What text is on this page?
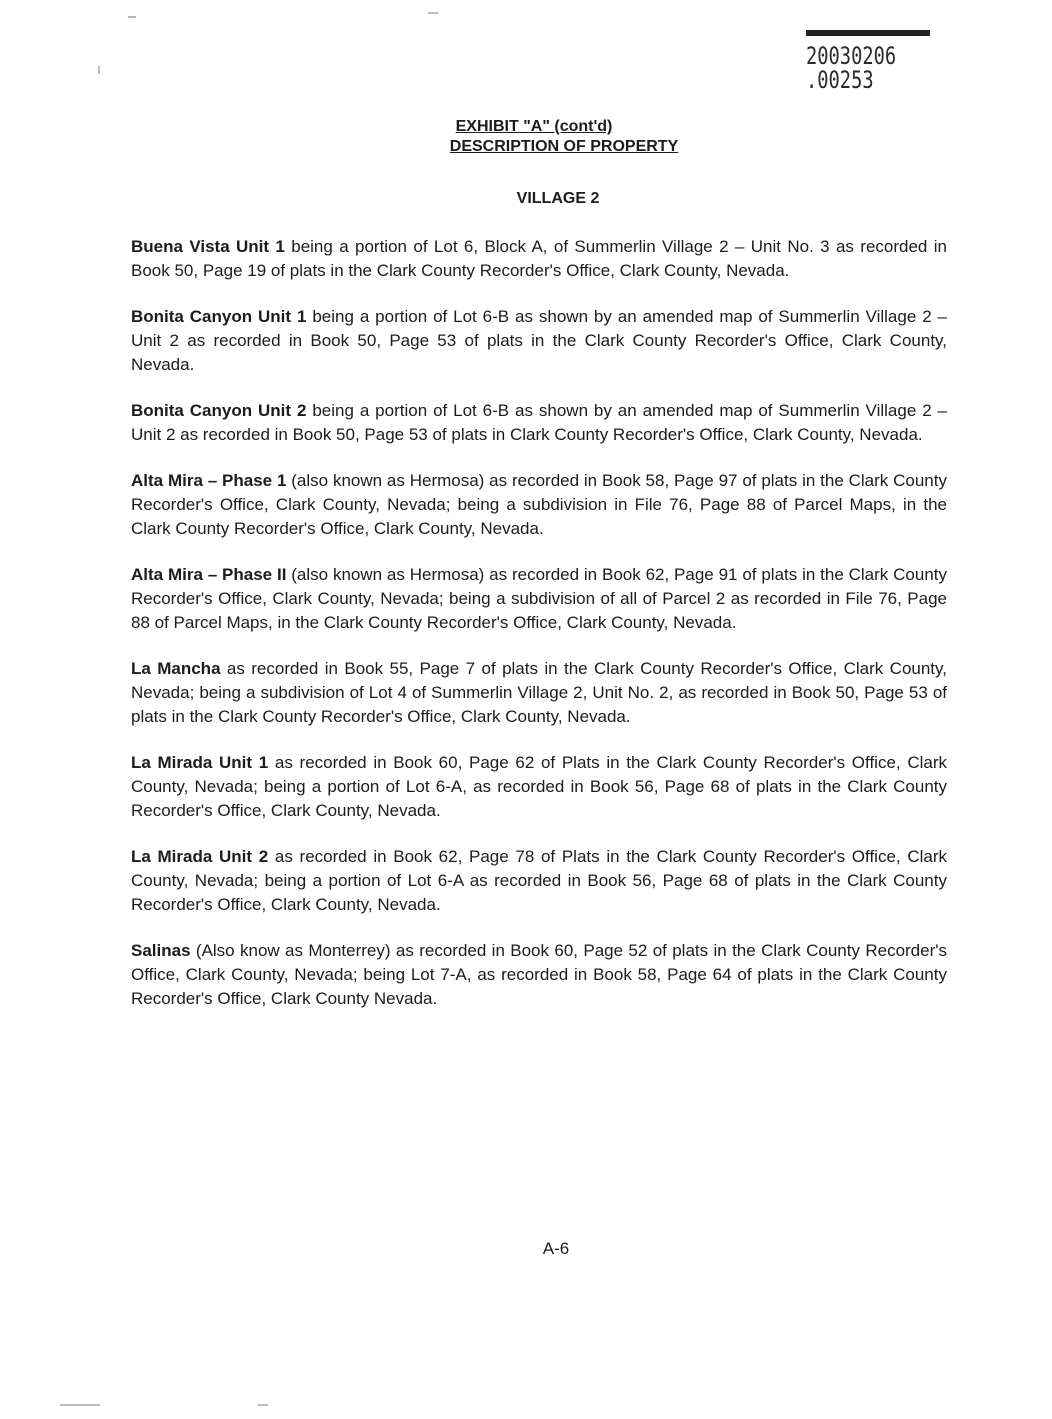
20030206
.00253
EXHIBIT "A" (cont'd)
DESCRIPTION OF PROPERTY
VILLAGE 2

Buena Vista Unit 1 being a portion of Lot 6, Block A, of Summerlin Village 2 – Unit No. 3 as recorded in Book 50, Page 19 of plats in the Clark County Recorder's Office, Clark County, Nevada.

Bonita Canyon Unit 1 being a portion of Lot 6-B as shown by an amended map of Summerlin Village 2 – Unit 2 as recorded in Book 50, Page 53 of plats in the Clark County Recorder's Office, Clark County, Nevada.

Bonita Canyon Unit 2 being a portion of Lot 6-B as shown by an amended map of Summerlin Village 2 – Unit 2 as recorded in Book 50, Page 53 of plats in Clark County Recorder's Office, Clark County, Nevada.

Alta Mira – Phase 1 (also known as Hermosa) as recorded in Book 58, Page 97 of plats in the Clark County Recorder's Office, Clark County, Nevada; being a subdivision in File 76, Page 88 of Parcel Maps, in the Clark County Recorder's Office, Clark County, Nevada.

Alta Mira – Phase II (also known as Hermosa) as recorded in Book 62, Page 91 of plats in the Clark County Recorder's Office, Clark County, Nevada; being a subdivision of all of Parcel 2 as recorded in File 76, Page 88 of Parcel Maps, in the Clark County Recorder's Office, Clark County, Nevada.

La Mancha as recorded in Book 55, Page 7 of plats in the Clark County Recorder's Office, Clark County, Nevada; being a subdivision of Lot 4 of Summerlin Village 2, Unit No. 2, as recorded in Book 50, Page 53 of plats in the Clark County Recorder's Office, Clark County, Nevada.

La Mirada Unit 1 as recorded in Book 60, Page 62 of Plats in the Clark County Recorder's Office, Clark County, Nevada; being a portion of Lot 6-A, as recorded in Book 56, Page 68 of plats in the Clark County Recorder's Office, Clark County, Nevada.

La Mirada Unit 2 as recorded in Book 62, Page 78 of Plats in the Clark County Recorder's Office, Clark County, Nevada; being a portion of Lot 6-A as recorded in Book 56, Page 68 of plats in the Clark County Recorder's Office, Clark County, Nevada.

Salinas (Also know as Monterrey) as recorded in Book 60, Page 52 of plats in the Clark County Recorder's Office, Clark County, Nevada; being Lot 7-A, as recorded in Book 58, Page 64 of plats in the Clark County Recorder's Office, Clark County Nevada.

A-6
